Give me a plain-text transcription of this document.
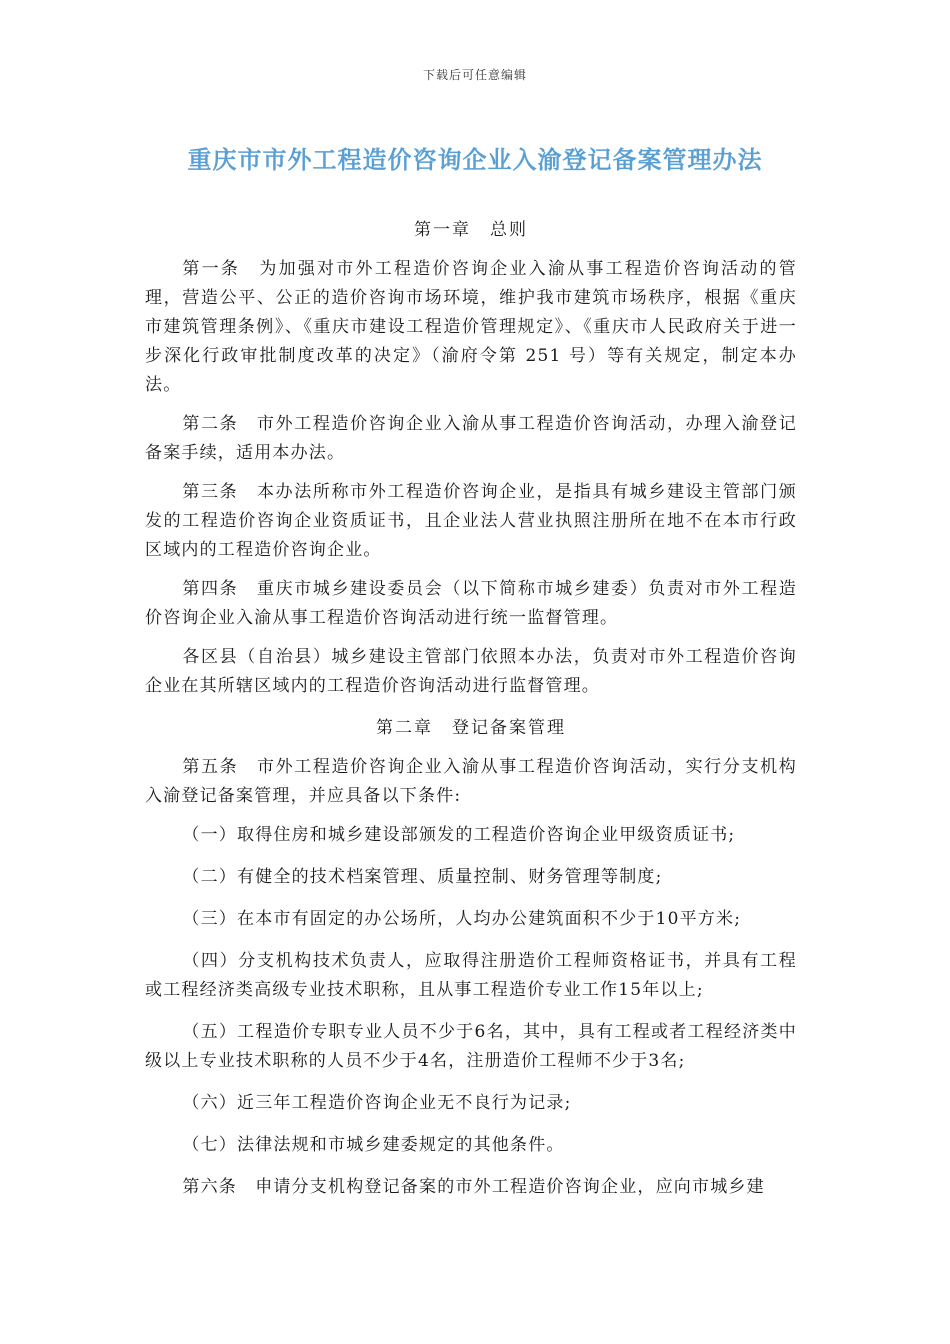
下载后可任意编辑
重庆市市外工程造价咨询企业入渝登记备案管理办法
第一章　总则

第一条　为加强对市外工程造价咨询企业入渝从事工程造价咨询活动的管理，营造公平、公正的造价咨询市场环境，维护我市建筑市场秩序，根据《重庆市建筑管理条例》、《重庆市建设工程造价管理规定》、《重庆市人民政府关于进一步深化行政审批制度改革的决定》（渝府令第 251 号）等有关规定，制定本办法。

第二条　市外工程造价咨询企业入渝从事工程造价咨询活动，办理入渝登记备案手续，适用本办法。

第三条　本办法所称市外工程造价咨询企业，是指具有城乡建设主管部门颁发的工程造价咨询企业资质证书，且企业法人营业执照注册所在地不在本市行政区域内的工程造价咨询企业。

第四条　重庆市城乡建设委员会（以下简称市城乡建委）负责对市外工程造价咨询企业入渝从事工程造价咨询活动进行统一监督管理。

各区县（自治县）城乡建设主管部门依照本办法，负责对市外工程造价咨询企业在其所辖区域内的工程造价咨询活动进行监督管理。

第二章　登记备案管理

第五条　市外工程造价咨询企业入渝从事工程造价咨询活动，实行分支机构入渝登记备案管理，并应具备以下条件:

（一）取得住房和城乡建设部颁发的工程造价咨询企业甲级资质证书;

（二）有健全的技术档案管理、质量控制、财务管理等制度;

（三）在本市有固定的办公场所，人均办公建筑面积不少于10平方米;

（四）分支机构技术负责人，应取得注册造价工程师资格证书，并具有工程或工程经济类高级专业技术职称，且从事工程造价专业工作15年以上;

（五）工程造价专职专业人员不少于6名，其中，具有工程或者工程经济类中级以上专业技术职称的人员不少于4名，注册造价工程师不少于3名;

（六）近三年工程造价咨询企业无不良行为记录;

（七）法律法规和市城乡建委规定的其他条件。

第六条　申请分支机构登记备案的市外工程造价咨询企业，应向市城乡建
